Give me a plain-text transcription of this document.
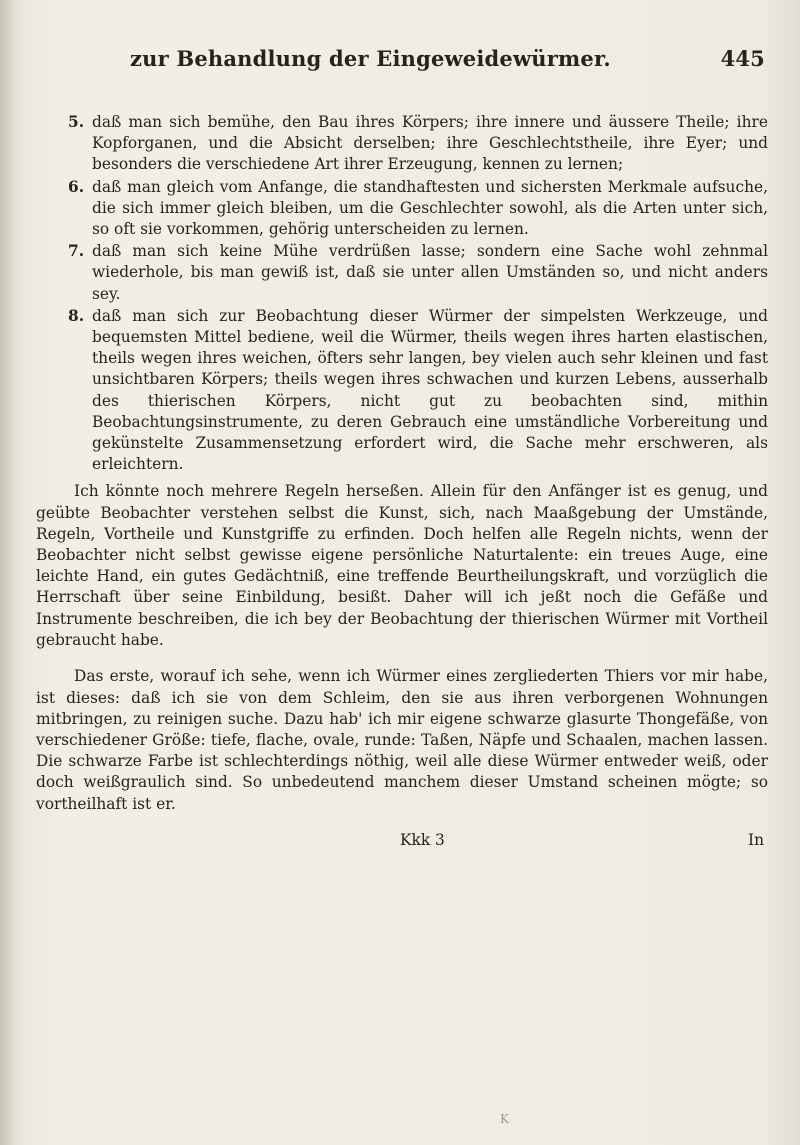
zur Behandlung der Eingeweidewürmer.	445
5. daß man sich bemühe, den Bau ihres Körpers; ihre innere und äussere Theile; ihre Kopforganen, und die Absicht derselben; ihre Geschlechtstheile, ihre Eyer; und besonders die verschiedene Art ihrer Erzeugung, kennen zu lernen;
6. daß man gleich vom Anfange, die standhaftesten und sichersten Merkmale aufsuche, die sich immer gleich bleiben, um die Geschlechter sowohl, als die Arten unter sich, so oft sie vorkommen, gehörig unterscheiden zu lernen.
7. daß man sich keine Mühe verdrüßen lasse; sondern eine Sache wohl zehnmal wiederhole, bis man gewiß ist, daß sie unter allen Umständen so, und nicht anders sey.
8. daß man sich zur Beobachtung dieser Würmer der simpelsten Werkzeuge, und bequemsten Mittel bediene, weil die Würmer, theils wegen ihres harten elastischen, theils wegen ihres weichen, öfters sehr langen, bey vielen auch sehr kleinen und fast unsichtbaren Körpers; theils wegen ihres schwachen und kurzen Lebens, ausserhalb des thierischen Körpers, nicht gut zu beobachten sind, mithin Beobachtungsinstrumente, zu deren Gebrauch eine umständliche Vorbereitung und gekünstelte Zusammensetzung erfordert wird, die Sache mehr erschweren, als erleichtern.

Ich könnte noch mehrere Regeln herseßen. Allein für den Anfänger ist es genug, und geübte Beobachter verstehen selbst die Kunst, sich, nach Maaßgebung der Umstände, Regeln, Vortheile und Kunstgriffe zu erfinden. Doch helfen alle Regeln nichts, wenn der Beobachter nicht selbst gewisse eigene persönliche Naturtalente: ein treues Auge, eine leichte Hand, ein gutes Gedächtniß, eine treffende Beurtheilungskraft, und vorzüglich die Herrschaft über seine Einbildung, besißt. Daher will ich jeßt noch die Gefäße und Instrumente beschreiben, die ich bey der Beobachtung der thierischen Würmer mit Vortheil gebraucht habe.

Das erste, worauf ich sehe, wenn ich Würmer eines zergliederten Thiers vor mir habe, ist dieses: daß ich sie von dem Schleim, den sie aus ihren verborgenen Wohnungen mitbringen, zu reinigen suche. Dazu hab' ich mir eigene schwarze glasurte Thongefäße, von verschiedener Größe: tiefe, flache, ovale, runde: Taßen, Näpfe und Schaalen, machen lassen. Die schwarze Farbe ist schlechterdings nöthig, weil alle diese Würmer entweder weiß, oder doch weißgraulich sind. So unbedeutend manchem dieser Umstand scheinen mögte; so vortheilhaft ist er.

Kkk 3	In
K
